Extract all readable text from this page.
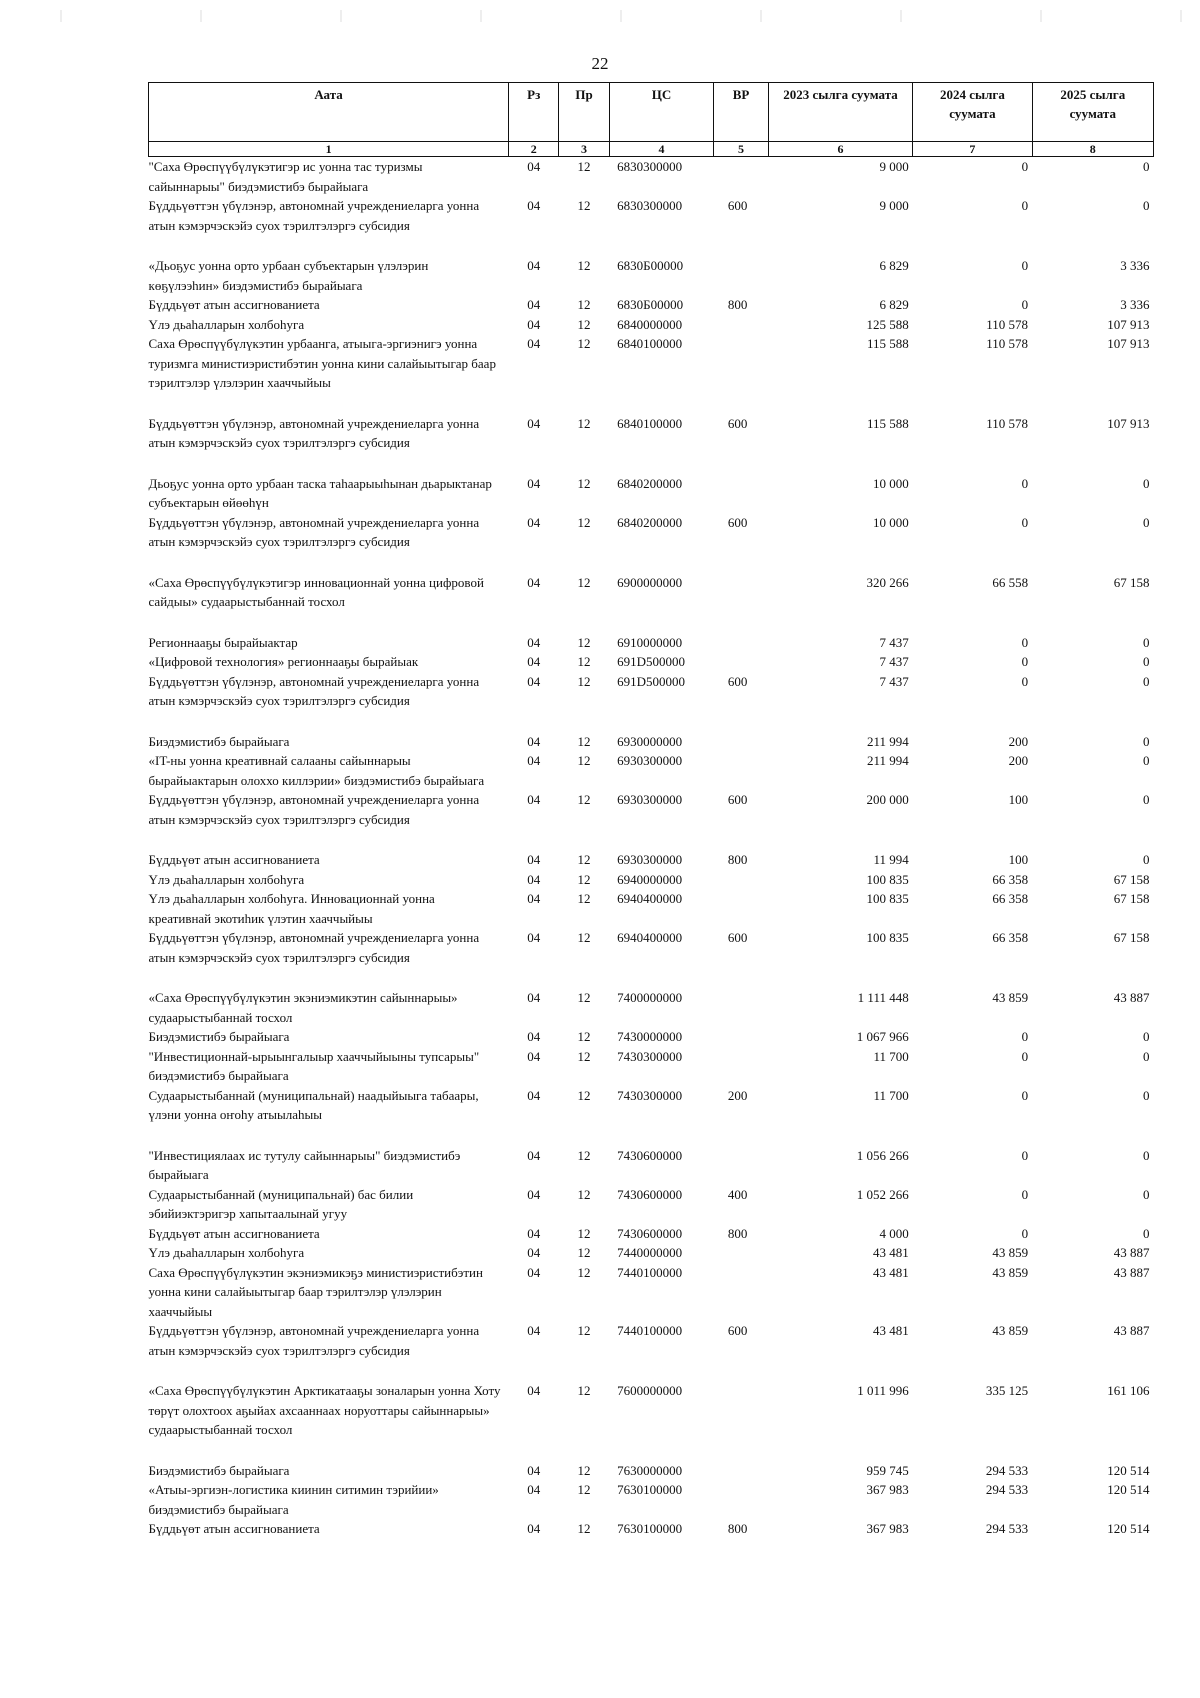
22
Аата	Рз	Пр	ЦС	ВР	2023 сылга суумата	2024 сылга суумата	2025 сылга суумата
1	2	3	4	5	6	7	8
"Саха Өрөспүүбүлүкэтигэр ис уонна тас туризмы сайыннарыы" биэдэмистибэ бырайыага	04	12	6830300000		9 000	0	0
Бүддьүөттэн үбүлэнэр, автономнай учреждениеларга уонна атын кэмэрчэскэйэ суох тэрилтэлэргэ субсидия	04	12	6830300000	600	9 000	0	0
«Дьоҕус уонна орто урбаан субъектарын үлэлэрин көҕүлээһин» биэдэмистибэ бырайыага	04	12	6830Б00000		6 829	0	3 336
Бүддьүөт атын ассигнованиета	04	12	6830Б00000	800	6 829	0	3 336
Үлэ дьаһалларын холбоһуга	04	12	6840000000		125 588	110 578	107 913
Саха Өрөспүүбүлүкэтин урбаанга, атыыга-эргиэнигэ уонна туризмга министиэристибэтин уонна кини салайыытыгар баар тэрилтэлэр үлэлэрин хааччыйыы	04	12	6840100000		115 588	110 578	107 913
Бүддьүөттэн үбүлэнэр, автономнай учреждениеларга уонна атын кэмэрчэскэйэ суох тэрилтэлэргэ субсидия	04	12	6840100000	600	115 588	110 578	107 913
Дьоҕус уонна орто урбаан таска таһаарыыһынан дьарыктанар субъектарын өйөөһүн	04	12	6840200000		10 000	0	0
Бүддьүөттэн үбүлэнэр, автономнай учреждениеларга уонна атын кэмэрчэскэйэ суох тэрилтэлэргэ субсидия	04	12	6840200000	600	10 000	0	0
«Саха Өрөспүүбүлүкэтигэр инновационнай уонна цифровой сайдыы» судаарыстыбаннай тосхол	04	12	6900000000		320 266	66 558	67 158
Регионнааҕы бырайыактар	04	12	6910000000		7 437	0	0
«Цифровой технология» регионнааҕы бырайыак	04	12	691D500000		7 437	0	0
Бүддьүөттэн үбүлэнэр, автономнай учреждениеларга уонна атын кэмэрчэскэйэ суох тэрилтэлэргэ субсидия	04	12	691D500000	600	7 437	0	0
Биэдэмистибэ бырайыага	04	12	6930000000		211 994	200	0
«IT-ны уонна креативнай салааны сайыннарыы бырайыактарын олоххо киллэрии» биэдэмистибэ бырайыага	04	12	6930300000		211 994	200	0
Бүддьүөттэн үбүлэнэр, автономнай учреждениеларга уонна атын кэмэрчэскэйэ суох тэрилтэлэргэ субсидия	04	12	6930300000	600	200 000	100	0
Бүддьүөт атын ассигнованиета	04	12	6930300000	800	11 994	100	0
Үлэ дьаһалларын холбоһуга	04	12	6940000000		100 835	66 358	67 158
Үлэ дьаһалларын холбоһуга. Инновационнай уонна креативнай экотиһик үлэтин хааччыйыы	04	12	6940400000		100 835	66 358	67 158
Бүддьүөттэн үбүлэнэр, автономнай учреждениеларга уонна атын кэмэрчэскэйэ суох тэрилтэлэргэ субсидия	04	12	6940400000	600	100 835	66 358	67 158
«Саха Өрөспүүбүлүкэтин экэниэмикэтин сайыннарыы» судаарыстыбаннай тосхол	04	12	7400000000		1 111 448	43 859	43 887
Биэдэмистибэ бырайыага	04	12	7430000000		1 067 966	0	0
"Инвестиционнай-ырыынгалыыр хааччыйыыны тупсарыы" биэдэмистибэ бырайыага	04	12	7430300000		11 700	0	0
Судаарыстыбаннай (муниципальнай) наадыйыыга табаары, үлэни уонна оҥоһу атыылаһыы	04	12	7430300000	200	11 700	0	0
"Инвестициялаах ис тутулу сайыннарыы" биэдэмистибэ бырайыага	04	12	7430600000		1 056 266	0	0
Судаарыстыбаннай (муниципальнай) бас билии эбийиэктэригэр хапытаалынай угуу	04	12	7430600000	400	1 052 266	0	0
Бүддьүөт атын ассигнованиета	04	12	7430600000	800	4 000	0	0
Үлэ дьаһалларын холбоһуга	04	12	7440000000		43 481	43 859	43 887
Саха Өрөспүүбүлүкэтин экэниэмикэҕэ министиэристибэтин уонна кини салайыытыгар баар тэрилтэлэр үлэлэрин хааччыйыы	04	12	7440100000		43 481	43 859	43 887
Бүддьүөттэн үбүлэнэр, автономнай учреждениеларга уонна атын кэмэрчэскэйэ суох тэрилтэлэргэ субсидия	04	12	7440100000	600	43 481	43 859	43 887
«Саха Өрөспүүбүлүкэтин Арктикатааҕы зоналарын уонна Хоту төрүт олохтоох аҕыйах ахсааннаах норуоттары сайыннарыы» судаарыстыбаннай тосхол	04	12	7600000000		1 011 996	335 125	161 106
Биэдэмистибэ бырайыага	04	12	7630000000		959 745	294 533	120 514
«Атыы-эргиэн-логистика киинин ситимин тэрийии» биэдэмистибэ бырайыага	04	12	7630100000		367 983	294 533	120 514
Бүддьүөт атын ассигнованиета	04	12	7630100000	800	367 983	294 533	120 514
